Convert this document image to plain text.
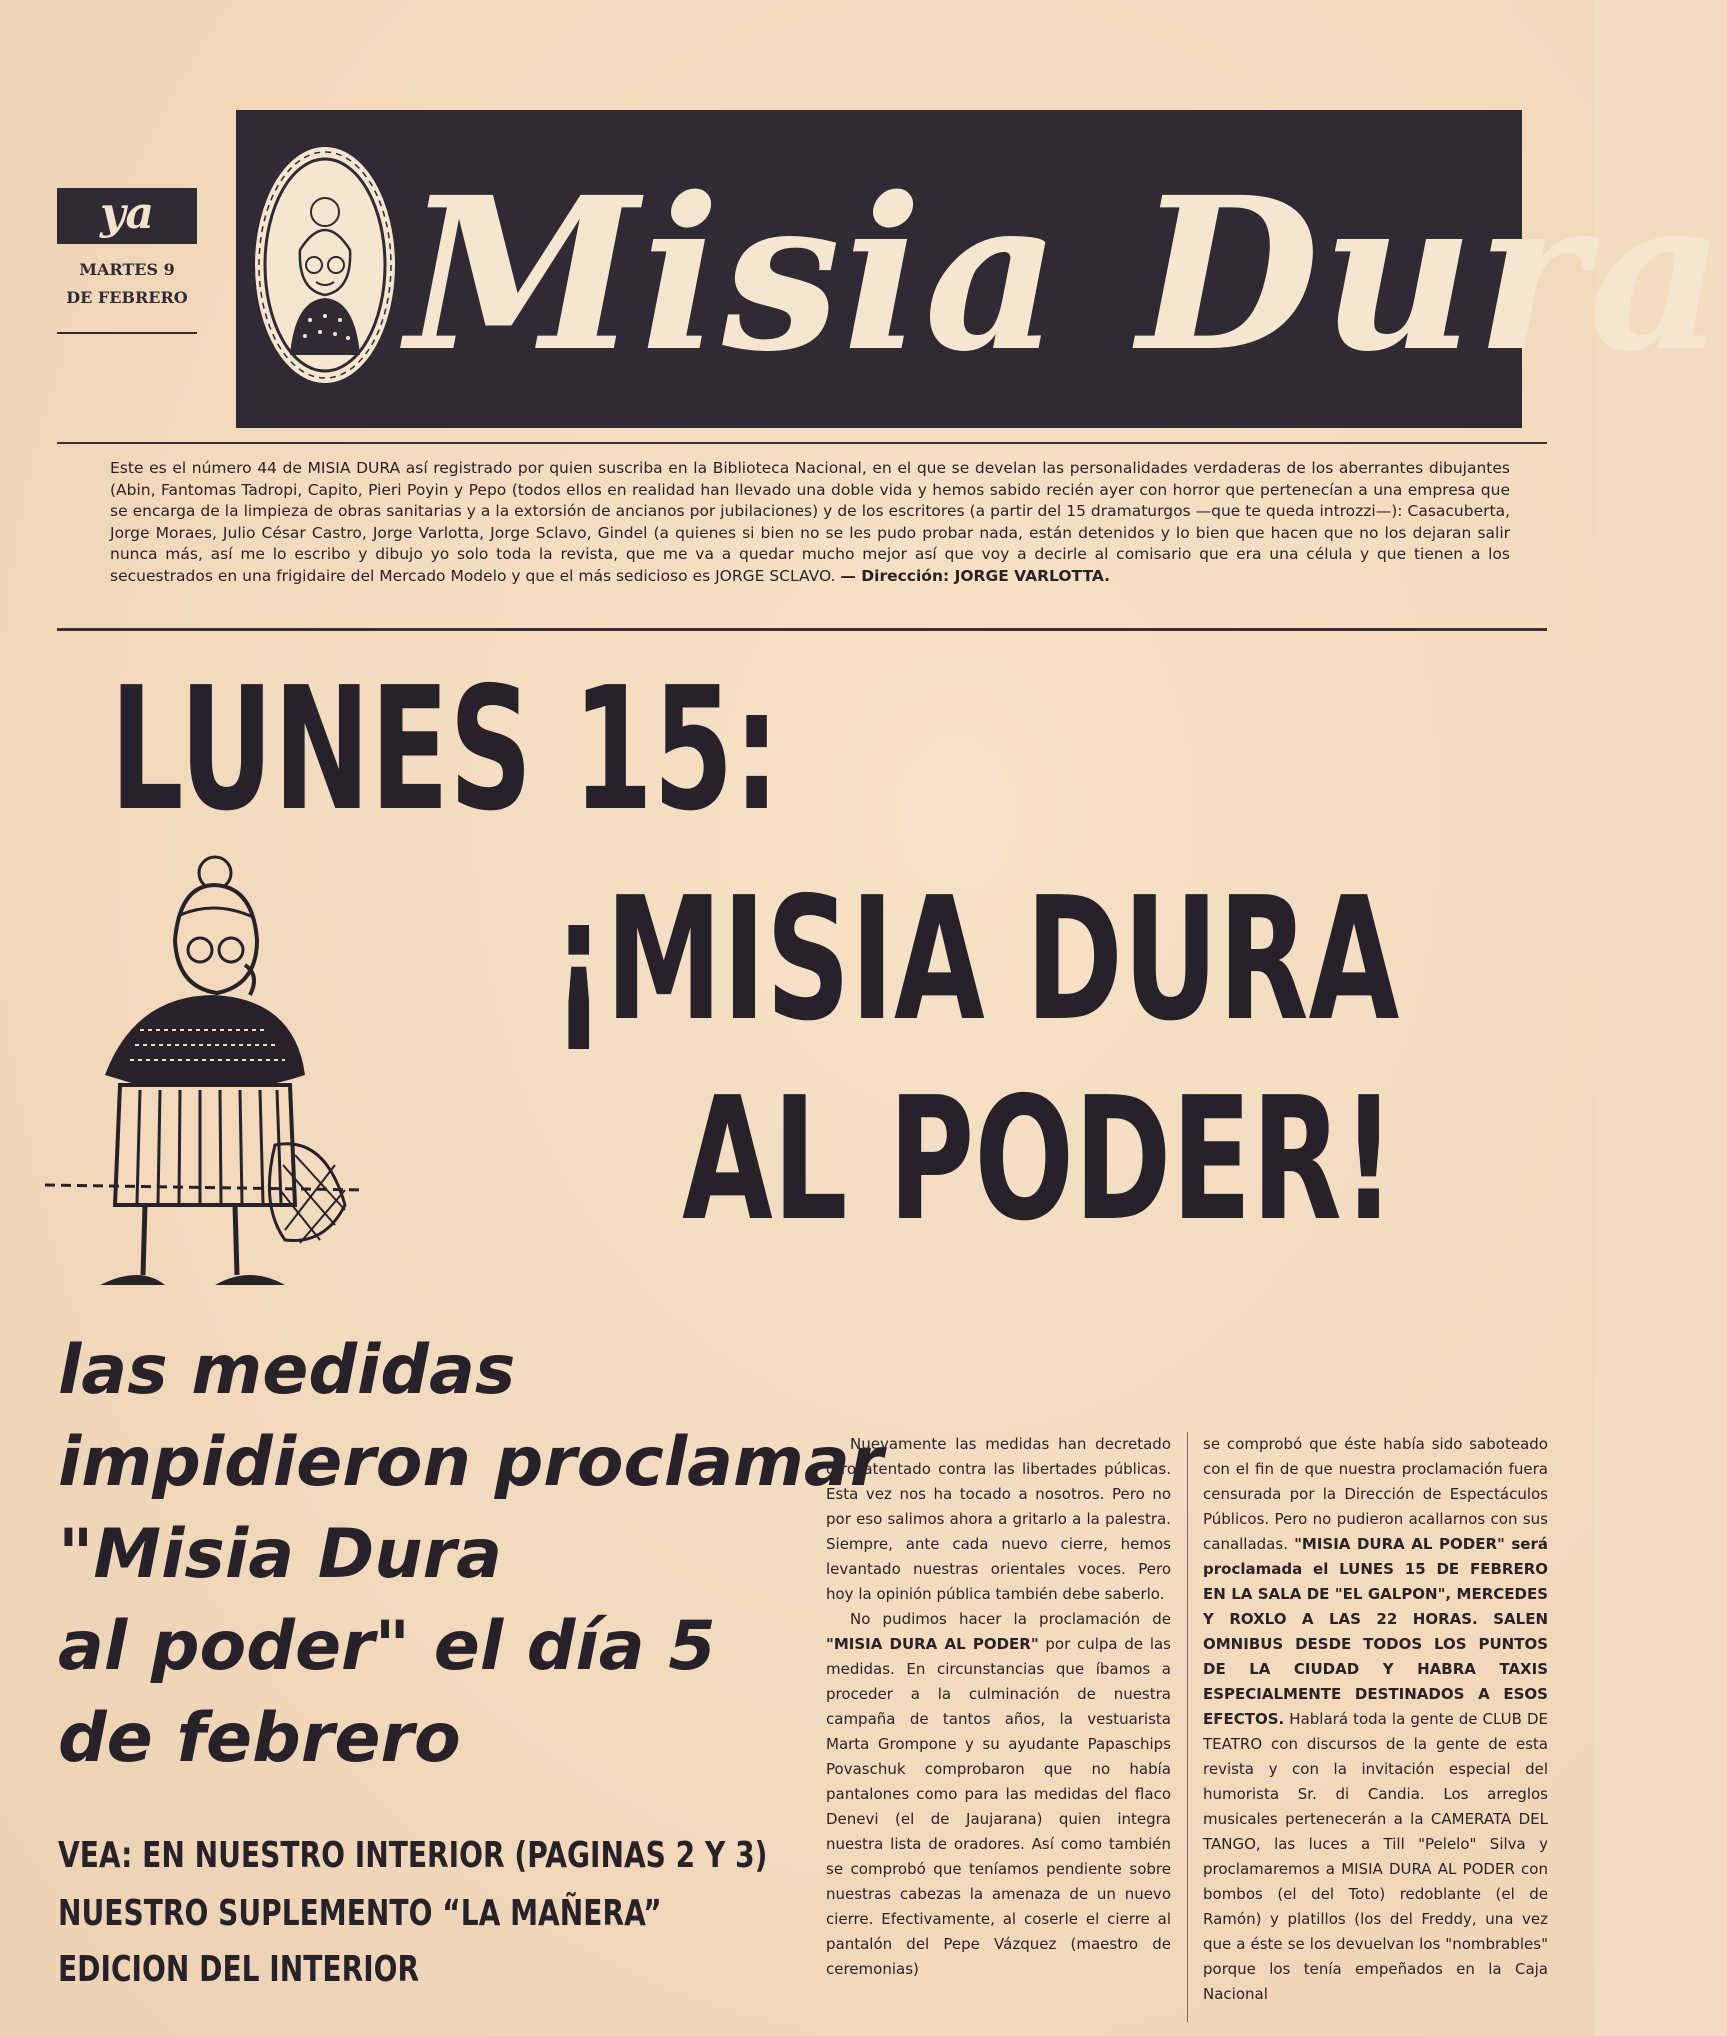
ya
MARTES 9
DE FEBRERO Misia Dura
Este es el número 44 de MISIA DURA así registrado por quien suscriba en la Biblioteca Nacional, en el que se develan las personalidades verdaderas de los aberrantes dibujantes (Abin, Fantomas Tadropi, Capito, Pieri Poyin y Pepo (todos ellos en realidad han llevado una doble vida y hemos sabido recién ayer con horror que pertenecían a una empresa que se encarga de la limpieza de obras sanitarias y a la extorsión de ancianos por jubilaciones) y de los escritores (a partir del 15 dramaturgos —que te queda introzzi—): Casacuberta, Jorge Moraes, Julio César Castro, Jorge Varlotta, Jorge Sclavo, Gindel (a quienes si bien no se les pudo probar nada, están detenidos y lo bien que hacen que no los dejaran salir nunca más, así me lo escribo y dibujo yo solo toda la revista, que me va a quedar mucho mejor así que voy a decirle al comisario que era una célula y que tienen a los secuestrados en una frigidaire del Mercado Modelo y que el más sedicioso es JORGE SCLAVO. — Dirección: JORGE VARLOTTA.
LUNES 15:
¡MISIA DURA
AL PODER!
las medidas
impidieron proclamar
"Misia Dura
al poder" el día 5
de febrero
VEA: EN NUESTRO INTERIOR (PAGINAS 2 Y 3)
NUESTRO SUPLEMENTO “LA MAÑERA”
EDICION DEL INTERIOR

Nuevamente las medidas han decretado otro atentado contra las libertades públicas. Esta vez nos ha tocado a nosotros. Pero no por eso salimos ahora a gritarlo a la palestra. Siempre, ante cada nuevo cierre, hemos levantado nuestras orientales voces. Pero hoy la opinión pública también debe saberlo.

No pudimos hacer la proclamación de "MISIA DURA AL PODER" por culpa de las medidas. En circunstancias que íbamos a proceder a la culminación de nuestra campaña de tantos años, la vestuarista Marta Grompone y su ayudante Papaschips Povaschuk comprobaron que no había pantalones como para las medidas del flaco Denevi (el de Jaujarana) quien integra nuestra lista de oradores. Así como también se comprobó que teníamos pendiente sobre nuestras cabezas la amenaza de un nuevo cierre. Efectivamente, al coserle el cierre al pantalón del Pepe Vázquez (maestro de ceremonias)

se comprobó que éste había sido saboteado con el fin de que nuestra proclamación fuera censurada por la Dirección de Espectáculos Públicos. Pero no pudieron acallarnos con sus canalladas. "MISIA DURA AL PODER" será proclamada el LUNES 15 DE FEBRERO EN LA SALA DE "EL GALPON", MERCEDES Y ROXLO A LAS 22 HORAS. SALEN OMNIBUS DESDE TODOS LOS PUNTOS DE LA CIUDAD Y HABRA TAXIS ESPECIALMENTE DESTINADOS A ESOS EFECTOS. Hablará toda la gente de CLUB DE TEATRO con discursos de la gente de esta revista y con la invitación especial del humorista Sr. di Candia. Los arreglos musicales pertenecerán a la CAMERATA DEL TANGO, las luces a Till "Pelelo" Silva y proclamaremos a MISIA DURA AL PODER con bombos (el del Toto) redoblante (el de Ramón) y platillos (los del Freddy, una vez que a éste se los devuelvan los "nombrables" porque los tenía empeñados en la Caja Nacional
